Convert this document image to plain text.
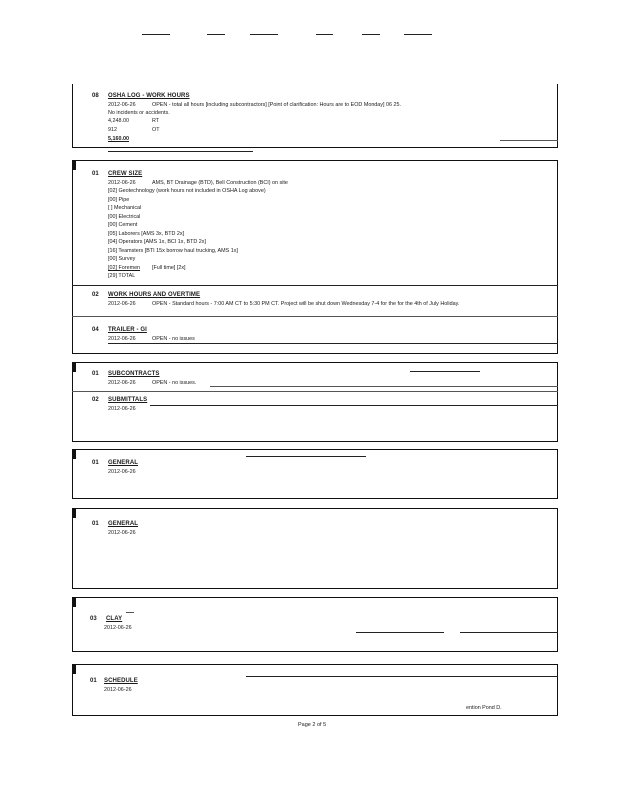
08 OSHA LOG - WORK HOURS
2012-06-26	OPEN - total all hours [including subcontractors] [Point of clarification: Hours are to EOD Monday] 06 25.
No incidents or accidents.
4,248.00	RT
912	OT
5,160.00
01 CREW SIZE
2012-06-26	AMS, BT Drainage (BTD), Bell Construction (BCI) on site
[02] Geotechnology (work hours not included in OSHA Log above)
[00] Pipe
[ ] Mechanical
[00] Electrical
[00] Cement
[05] Laborers [AMS 3x, BTD 2x]
[04] Operators [AMS 1x, BCI 1x, BTD 2x]
[16] Teamsters [BTI 15x borrow haul trucking, AMS 1x]
[00] Survey
[02] Foremen [Full time] [2x]
[29] TOTAL
02 WORK HOURS AND OVERTIME
2012-06-26	OPEN - Standard hours - 7:00 AM CT to 5:30 PM CT. Project will be shut down Wednesday 7-4 for the for the 4th of July Holiday.
04 TRAILER - GI
2012-06-26	OPEN - no issues
01 SUBCONTRACTS
2012-06-26	OPEN - no issues.
02 SUBMITTALS
2012-06-26
01 GENERAL
2012-06-26
01 GENERAL
2012-06-26
03 CLAY
2012-06-26
01 SCHEDULE
2012-06-26
ention Pond D.
Page 2 of 5
